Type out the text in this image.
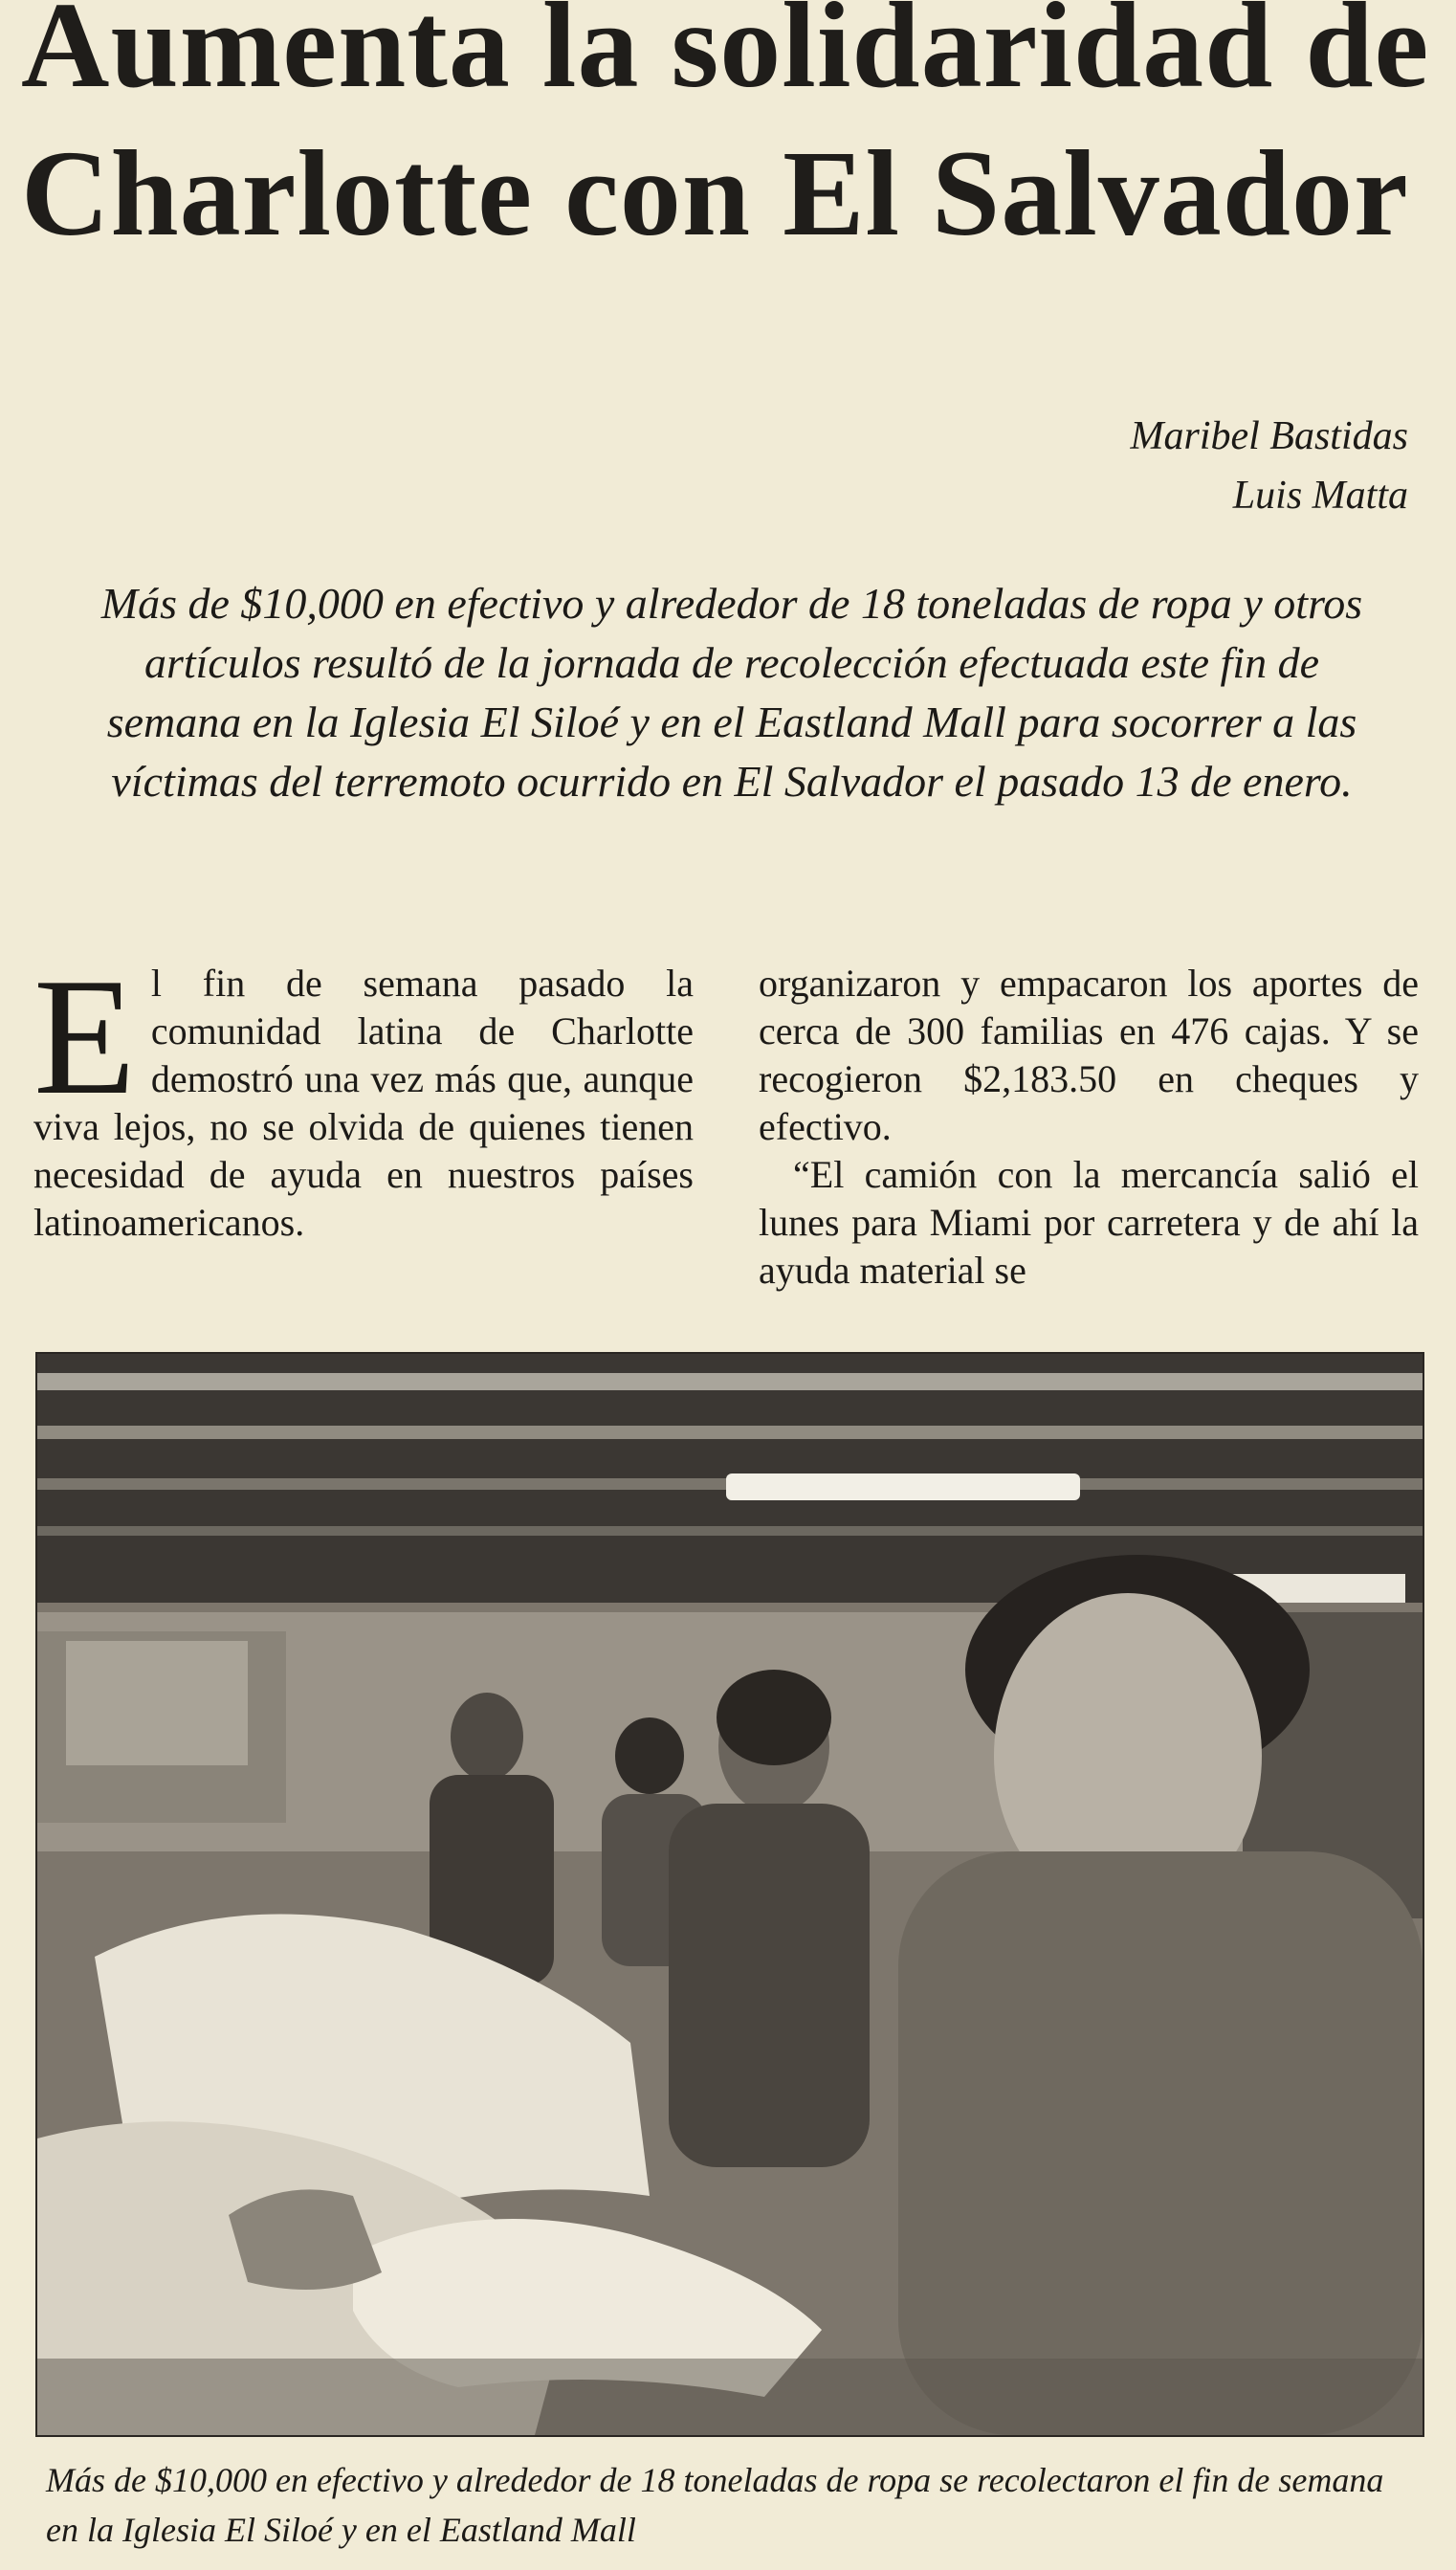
Aumenta la solidaridad de Charlotte con El Salvador
Maribel Bastidas
Luis Matta
Más de $10,000 en efectivo y alrededor de 18 toneladas de ropa y otros artículos resultó de la jornada de recolección efectuada este fin de semana en la Iglesia El Siloé y en el Eastland Mall para socorrer a las víctimas del terremoto ocurrido en El Salvador el pasado 13 de enero.
El fin de semana pasado la comunidad latina de Charlotte demostró una vez más que, aunque viva lejos, no se olvida de quienes tienen necesidad de ayuda en nuestros países latinoamericanos.
organizaron y empacaron los aportes de cerca de 300 familias en 476 cajas. Y se recogieron $2,183.50 en cheques y efectivo.
“El camión con la mercancía salió el lunes para Miami por carretera y de ahí la ayuda material se
Más de $10,000 en efectivo y alrededor de 18 toneladas de ropa se recolectaron el fin de semana en la Iglesia El Siloé y en el Eastland Mall
